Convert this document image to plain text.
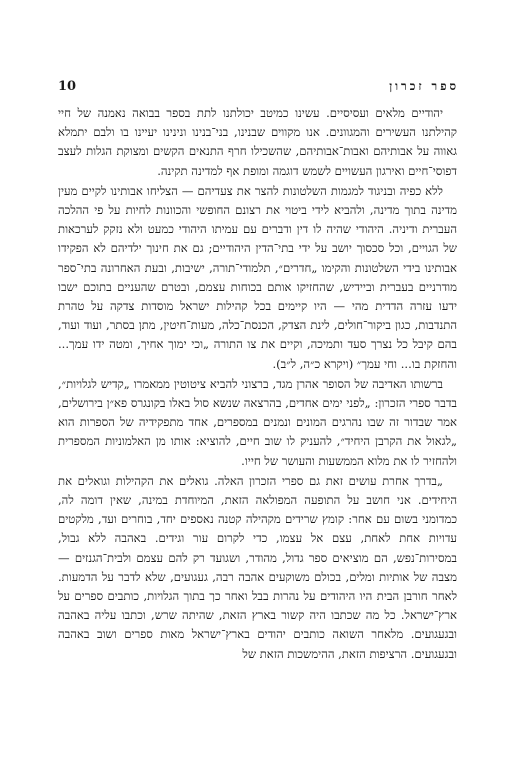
10	ספר זכרון

יהודיים מלאים ועסיסיים. עשינו כמיטב יכולתנו לתת בספר בבואה נאמנה של חיי קהילתנו העשירים והמגוונים. אנו מקווים שבנינו, בני־בנינו ונינינו יעיינו בו ולבם יתמלא גאווה על אבותיהם ואבות־אבותיהם, שהשכילו חרף התנאים הקשים ומצוקת הגלות לעצב דפוסי־חיים ואירגון העשויים לשמש דוגמה ומופת אף למדינה תקינה.

ללא כפיה ובניגוד למגמות השלטונות להצר את צעדיהם — הצליחו אבותינו לקיים מעין מדינה בתוך מדינה, ולהביא לידי ביטוי את רצונם החופשי והכוונות לחיות על פי ההלכה העברית ודיניה. היהודי שהיה לו דין ודברים עם עמיתו היהודי כמעט ולא נזקק לערכאות של הגויים, וכל סכסוך יושב על ידי בתי־הדין היהודיים; גם את חינוך ילדיהם לא הפקידו אבותינו בידי השלטונות והקימו „חדרים״, תלמודי־תורה, ישיבות, ובעת האחרונה בתי־ספר מודרניים בעברית וביידיש, שהחזיקו אותם בכוחות עצמם, ובטרם שהעניים בתוכם ישבו ידעו עזרה הדדית מהי — היו קיימים בכל קהילות ישראל מוסדות צדקה על טהרת התנדבות, כגון ביקור־חולים, לינת הצדק, הכנסת־כלה, מעות־חיטין, מתן בסתר, ועוד ועוד, בהם קיבל כל נצרך סעד ותמיכה, וקיים את צו התורה „וכי ימוך אחיך, ומטה ידו עמך... והחזקת בו... וחי עמך״ (ויקרא כ״ה, ל״ב).

ברשותו האדיבה של הסופר אהרן מגד, ברצוני להביא ציטוטין ממאמרו „קדיש לגלויות״, בדבר ספרי הזכרון: „לפני ימים אחדים, בהרצאה שנשא סול באלו בקונגרס פא״ן בירושלים, אמר שבדור זה שבו נהרגים המונים ונמנים במספרים, אחד מתפקידיה של הספרות הוא „לגאול את הקרבן היחיד״, להעניק לו שוב חיים, להוציא: אותו מן האלמוניות המספרית ולהחזיר לו את מלוא הממשעות והעושר של חייו.

„בדרך אחרת עושים זאת גם ספרי הזכרון האלה. גואלים את הקהילות וגואלים את היחידים. אני חושב על התופעה המפולאה הזאת, המיוחדת במינה, שאין דומה לה, כמדומני בשום עם אחר: קומץ שרידים מקהילה קטנה נאספים יחד, בוחרים ועד, מלקטים עדויות אחת לאחת, עצם אל עצמו, כדי לקרום עור וגידים. באהבה ללא גבול, במסירות־נפש, הם מוציאים ספר גדול, מהודר, ושגועד רק להם עצמם ולבית־הגנזים — מצבה של אותיות ומלים, בכולם משוקעים אהבה רבה, געגועים, שלא לדבר על הדמעות. לאחר חורבן הבית היו היהודים על נהרות בבל ואחר כך בתוך הגלויות, כותבים ספרים על ארץ־ישראל. כל מה שכתבו היה קשור בארץ הזאת, שהיתה שרש, וכתבו עליה באהבה ובגעגועים. מלאחר השואה כותבים יהודים בארץ־ישראל מאות ספרים ושוב באהבה ובגעגועים. הרציפות הזאת, ההימשכות הזאת של
